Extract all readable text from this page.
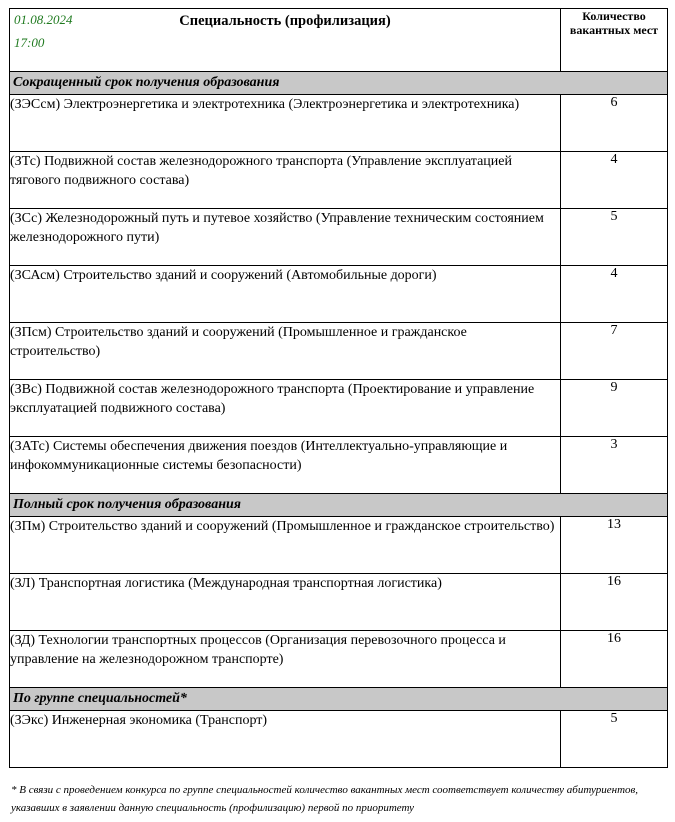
01.08.2024
17:00
Специальность (профилизация)	Количество вакантных мест
Сокращенный срок получения образования	
(ЗЭСсм) Электроэнергетика и электротехника (Электроэнергетика и электротехника)	6
(ЗТс) Подвижной состав железнодорожного транспорта (Управление эксплуатацией тягового подвижного состава)	4
(ЗСс) Железнодорожный путь и путевое хозяйство (Управление техническим состоянием железнодорожного пути)	5
(ЗСАсм) Строительство зданий и сооружений (Автомобильные дороги)	4
(ЗПсм) Строительство зданий и сооружений (Промышленное и гражданское строительство)	7
(ЗВс) Подвижной состав железнодорожного транспорта (Проектирование и управление эксплуатацией подвижного состава)	9
(ЗАТс) Системы обеспечения движения поездов (Интеллектуально-управляющие и инфокоммуникационные системы безопасности)	3
Полный срок получения образования	
(ЗПм) Строительство зданий и сооружений (Промышленное и гражданское строительство)	13
(ЗЛ) Транспортная логистика (Международная транспортная логистика)	16
(ЗД) Технологии транспортных процессов (Организация перевозочного процесса и управление на железнодорожном транспорте)	16
По группе специальностей*	
(ЗЭкс) Инженерная экономика (Транспорт)	5
* В связи с проведением конкурса по группе специальностей количество вакантных мест соответствует количеству абитуриентов, указавших в заявлении данную специальность (профилизацию) первой по приоритету
